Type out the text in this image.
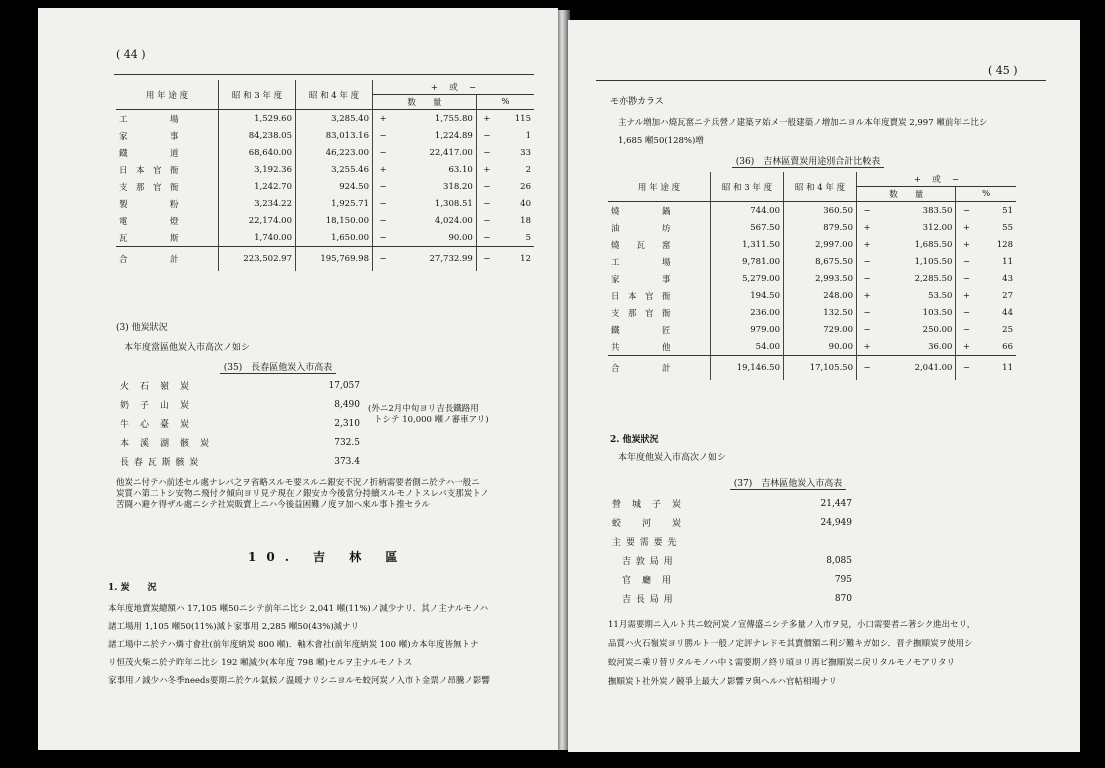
( 44 )
用 年 途 度	昭 和 3 年 度	昭 和 4 年 度	+ 　或　 −			
			数　　量		%	
工　　　　　場	1,529.60	3,285.40	+	1,755.80	+	115
家　　　　　事	84,238.05	83,013.16	−	1,224.89	−	1
鐡　　　　　道	68,640.00	46,223.00	−	22,417.00	−	33
日　本　官　衙	3,192.36	3,255.46	+	63.10	+	2
支　那　官　衙	1,242.70	924.50	−	318.20	−	26
製　　　　　粉	3,234.22	1,925.71	−	1,308.51	−	40
電　　　　　燈	22,174.00	18,150.00	−	4,024.00	−	18
瓦　　　　　斯	1,740.00	1,650.00	−	90.00	−	5
合　　　　　計	223,502.97	195,769.98	−	27,732.99	−	12
(3) 他炭狀況
本年度當區他炭入市高次ノ如シ
(35)　長春區他炭入市高表
火　石　嶺　炭	17,057
奶　子　山　炭	8,490
牛　心　臺　炭	2,310
本　溪　湖　骸　炭	732.5
長 春 瓦 斯 骸 炭	373.4
(外ニ2月中旬ヨリ吉長鐵路用
トシテ 10,000 噸ノ審車アリ)
他炭ニ付テハ前述セル處ナレバ之ヲ省略スルモ要スルニ銀安不況ノ折柄需要者側ニ於テハ一般ニ
炭質ハ第二トシ安物ニ飛付ク傾向ヨリ見テ現在ノ銀安カ今後當分持續スルモノトスレバ支那炭トノ
苦闘ハ避ケ得ザル處ニシテ社炭販賣上ニハ今後益困難ノ度ヲ加ヘ來ル事ト推セラル
10. 吉 林 區
1. 炭　　況
本年度地賣炭總額ハ 17,105 噸50ニシテ前年ニ比シ 2,041 噸(11%)ノ減少ナリ．其ノ主ナルモノハ
諸工場用 1,105 噸50(11%)減ト家事用 2,285 噸50(43%)減ナリ
諸工場中ニ於テハ燐寸會社(前年度納炭 800 噸)．軸木會社(前年度納炭 100 噸)カ本年度皆無トナ
リ恒茂火柴ニ於テ昨年ニ比シ 192 噸減少(本年度 798 噸)セルヲ主ナルモノトス
家事用ノ減少ハ冬季needs要期ニ於ケル氣候ノ温暖ナリシニヨルモ蛟河炭ノ入市ト金票ノ昂騰ノ影響
( 45 )
モ亦尠カラス
主ナル増加ハ燒瓦窰ニテ兵營ノ建築ヲ始メ一般建築ノ増加ニヨル本年度賣炭 2,997 噸前年ニ比シ
1,685 噸50(128%)増
(36)　吉林區賣炭用途別合計比較表
用 年 途 度	昭 和 3 年 度	昭 和 4 年 度	+ 　或　 −			
			数　　量		%	
燒　　　　　鍋	744.00	360.50	−	383.50	−	51
油　　　　　坊	567.50	879.50	+	312.00	+	55
燒　　瓦　　窰	1,311.50	2,997.00	+	1,685.50	+	128
工　　　　　場	9,781.00	8,675.50	−	1,105.50	−	11
家　　　　　事	5,279.00	2,993.50	−	2,285.50	−	43
日　本　官　衙	194.50	248.00	+	53.50	+	27
支　那　官　衙	236.00	132.50	−	103.50	−	44
鐵　　　　　匠	979.00	729.00	−	250.00	−	25
共　　　　　他	54.00	90.00	+	36.00	+	66
合　　　　　計	19,146.50	17,105.50	−	2,041.00	−	11
2. 他炭狀況
本年度他炭入市高次ノ如シ
(37)　吉林區他炭入市高表
營　城　子　炭	21,447
蛟　　河　　炭	24,949
主 要 需 要 先
　吉 敦 局 用	8,085
　官　廳　用	795
　吉 長 局 用	870
11月需要期ニ入ルト共ニ蛟河炭ノ宣傳盛ニシテ多量ノ入市ヲ見，小口需要者ニ著シク進出セリ，
品質ハ火石嶺炭ヨリ勝ルト一般ノ定評ナレドモ其賣價額ニ利ジ難キガ如シ．晋テ撫順炭ヲ使用シ
蛟河炭ニ乘リ替リタルモノハ中〻需要期ノ終リ頃ヨリ再ビ撫順炭ニ戻リタルモノモアリタリ
撫順炭ト社外炭ノ競爭上最大ノ影響ヲ與ヘルハ官帖相場ナリ
